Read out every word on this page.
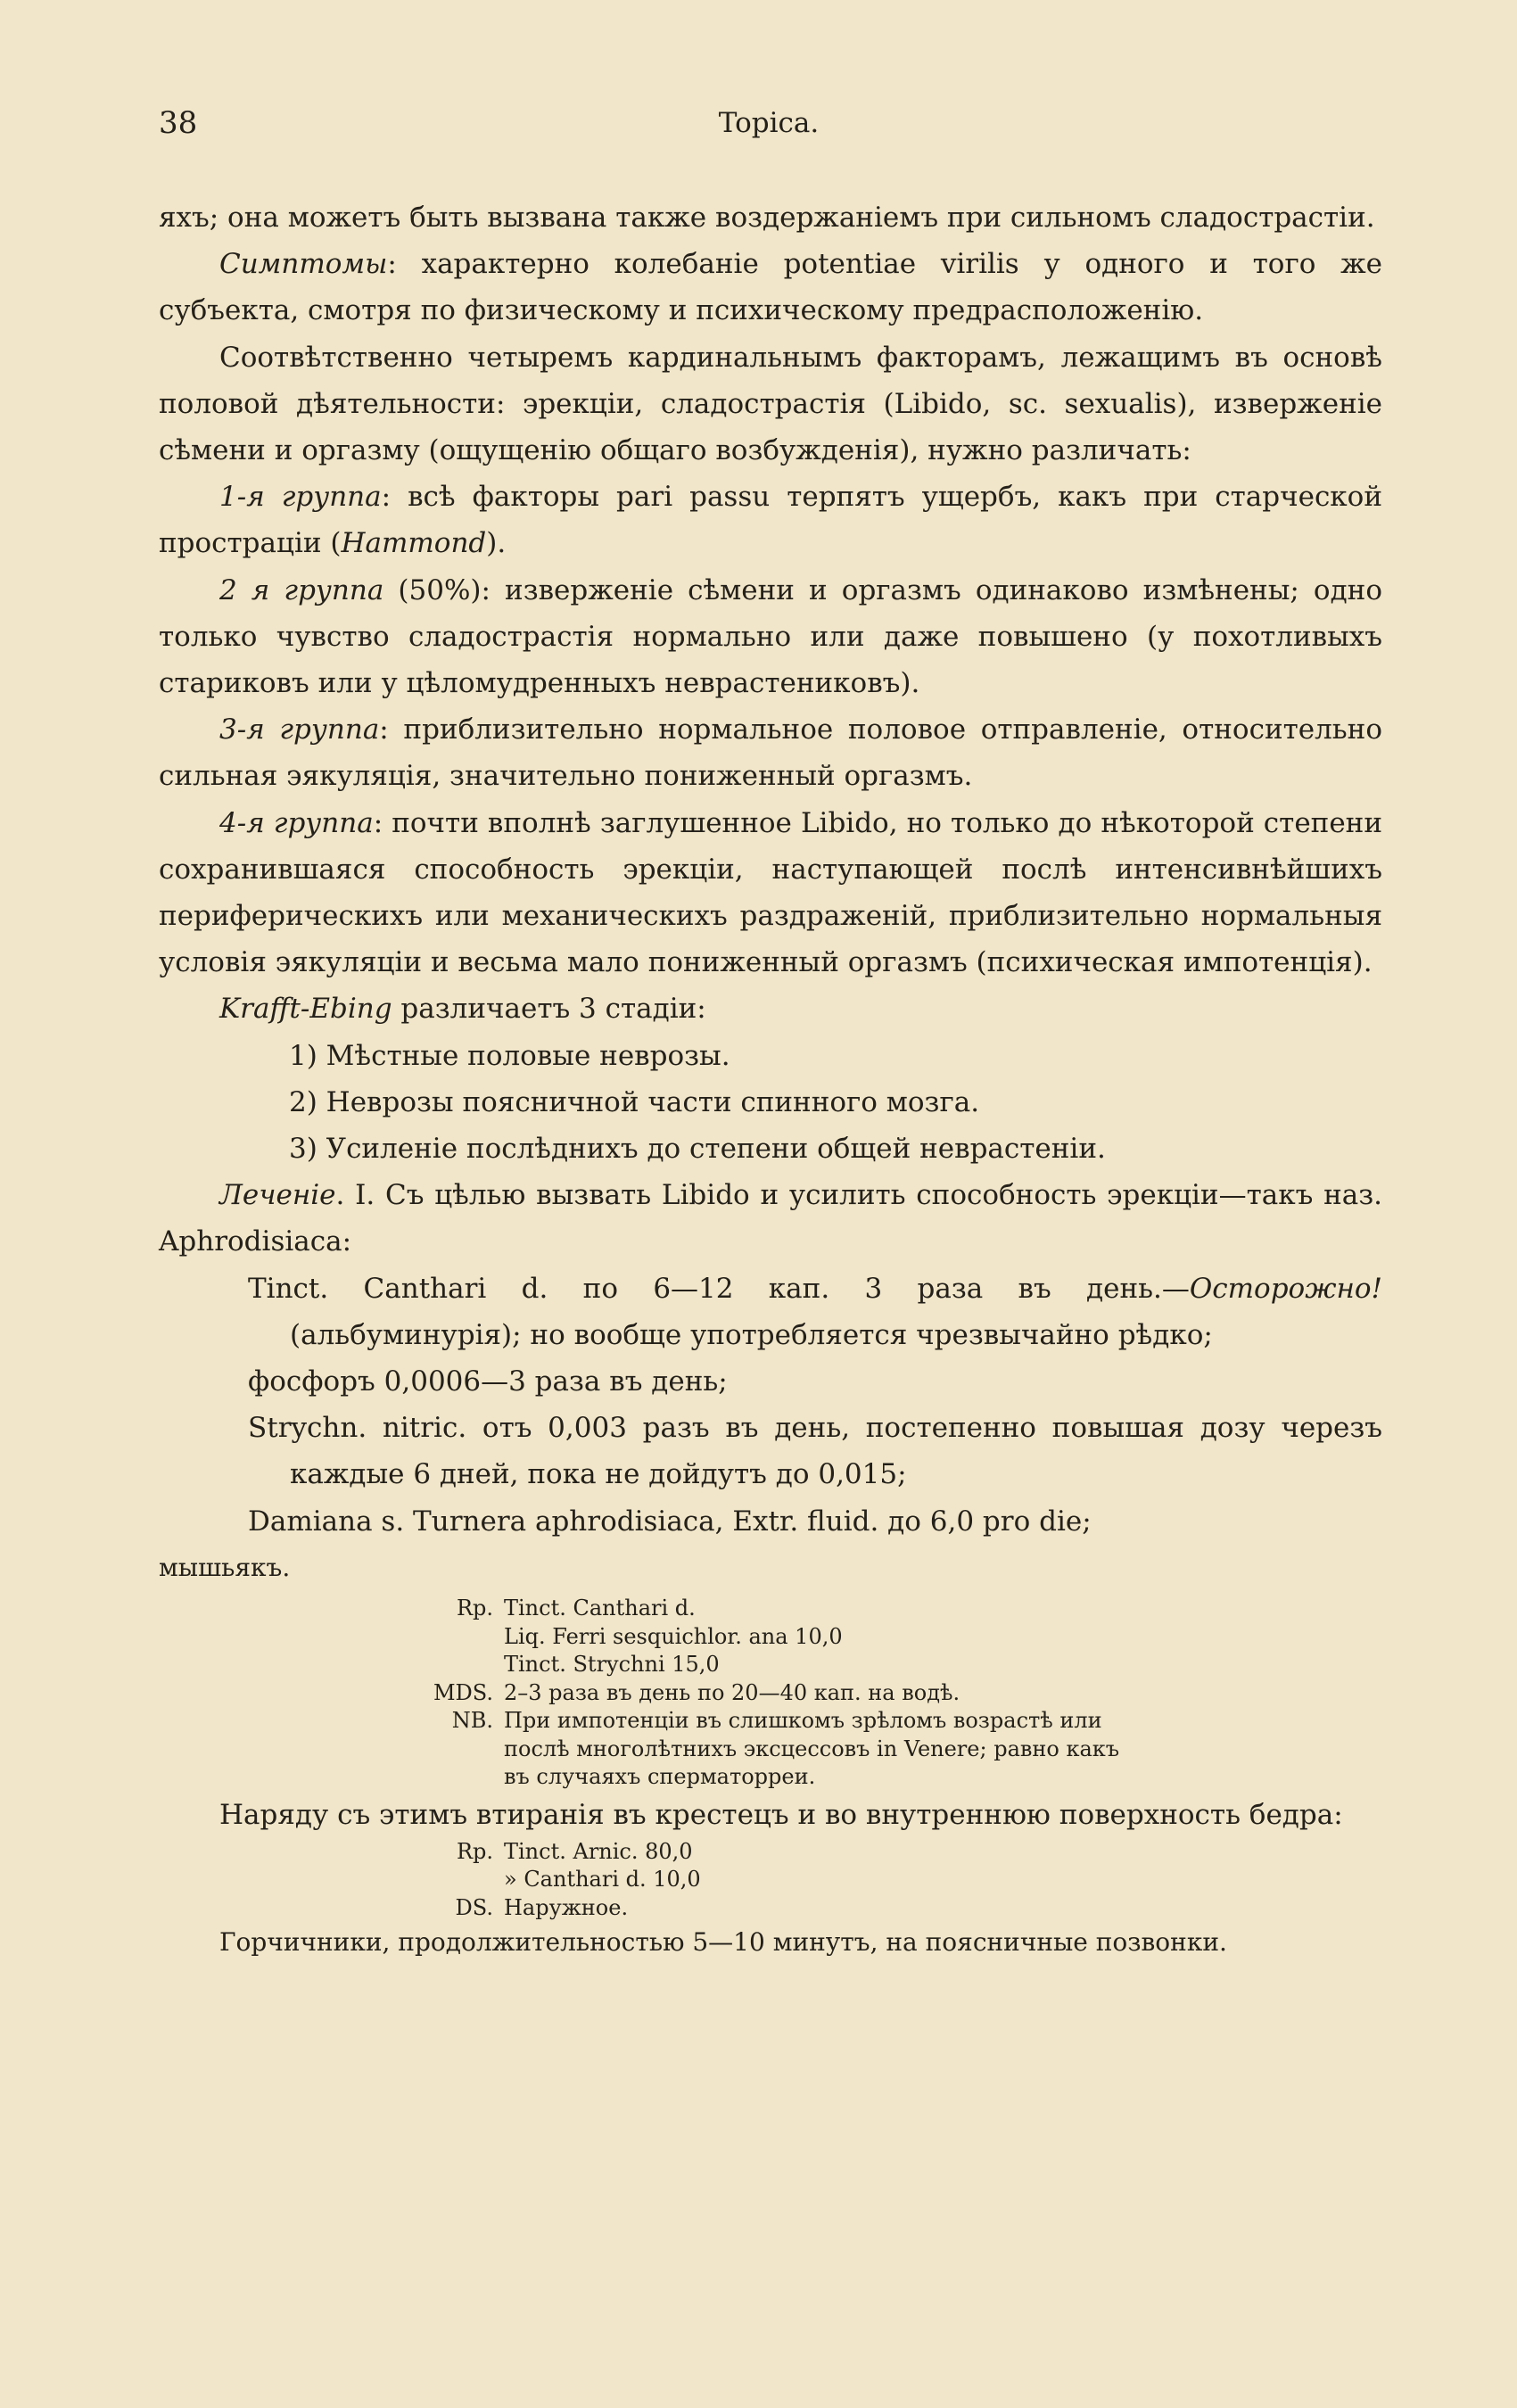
38	Topica.

яхъ; она можетъ быть вызвана также воздержанiемъ при сильномъ сладострастiи.

Симптомы: характерно колебанiе potentiae virilis у одного и того же субъекта, смотря по физическому и психическому предрасположенiю.

Соотвѣтственно четыремъ кардинальнымъ факторамъ, лежащимъ въ основѣ половой дѣятельности: эрекцiи, сладострастiя (Libido, sc. sexualis), изверженiе сѣмени и оргазму (ощущенiю общаго возбужденiя), нужно различать:

1-я группа: всѣ факторы pari passu терпятъ ущербъ, какъ при старческой прострацiи (Hammond).

2 я группа (50%): изверженiе сѣмени и оргазмъ одинаково измѣнены; одно только чувство сладострастiя нормально или даже повышено (у похотливыхъ стариковъ или у цѣломудренныхъ неврастениковъ).

3-я группа: приблизительно нормальное половое отправленiе, относительно сильная эякуляцiя, значительно пониженный оргазмъ.

4-я группа: почти вполнѣ заглушенное Libido, но только до нѣкоторой степени сохранившаяся способность эрекцiи, наступающей послѣ интенсивнѣйшихъ периферическихъ или механическихъ раздраженiй, приблизительно нормальныя условiя эякуляцiи и весьма мало пониженный оргазмъ (психическая импотенцiя).

Krafft-Ebing различаетъ 3 стадiи:

1) Мѣстные половые неврозы.
2) Неврозы поясничной части спинного мозга.
3) Усиленiе послѣднихъ до степени общей неврастенiи.

Леченiе. I. Съ цѣлью вызвать Libido и усилить способность эрекцiи—такъ наз. Aphrodisiaca:

Tinct. Canthari d. по 6—12 кап. 3 раза въ день.—Осторожно! (альбуминурiя); но вообще употребляется чрезвычайно рѣдко;

фосфоръ 0,0006—3 раза въ день;

Strychn. nitric. отъ 0,003 разъ въ день, постепенно повышая дозу черезъ каждые 6 дней, пока не дойдутъ до 0,015;

Damiana s. Turnera aphrodisiaca, Extr. fluid. до 6,0 pro die;

мышьякъ.

Rp.	Tinct. Canthari d.
	Liq. Ferri sesquichlor. ana 10,0
	Tinct. Strychni 15,0
MDS.	2–3 раза въ день по 20—40 кап. на водѣ.
NB.	При импотенцiи въ слишкомъ зрѣломъ возрастѣ или послѣ многолѣтнихъ эксцессовъ in Venere; равно какъ въ случаяхъ сперматорреи.

Наряду съ этимъ втиранiя въ крестецъ и во внутреннюю поверхность бедра:

Rp.	Tinct. Arnic. 80,0
	» Canthari d. 10,0
DS.	Наружное.

Горчичники, продолжительностью 5—10 минутъ, на поясничные позвонки.
